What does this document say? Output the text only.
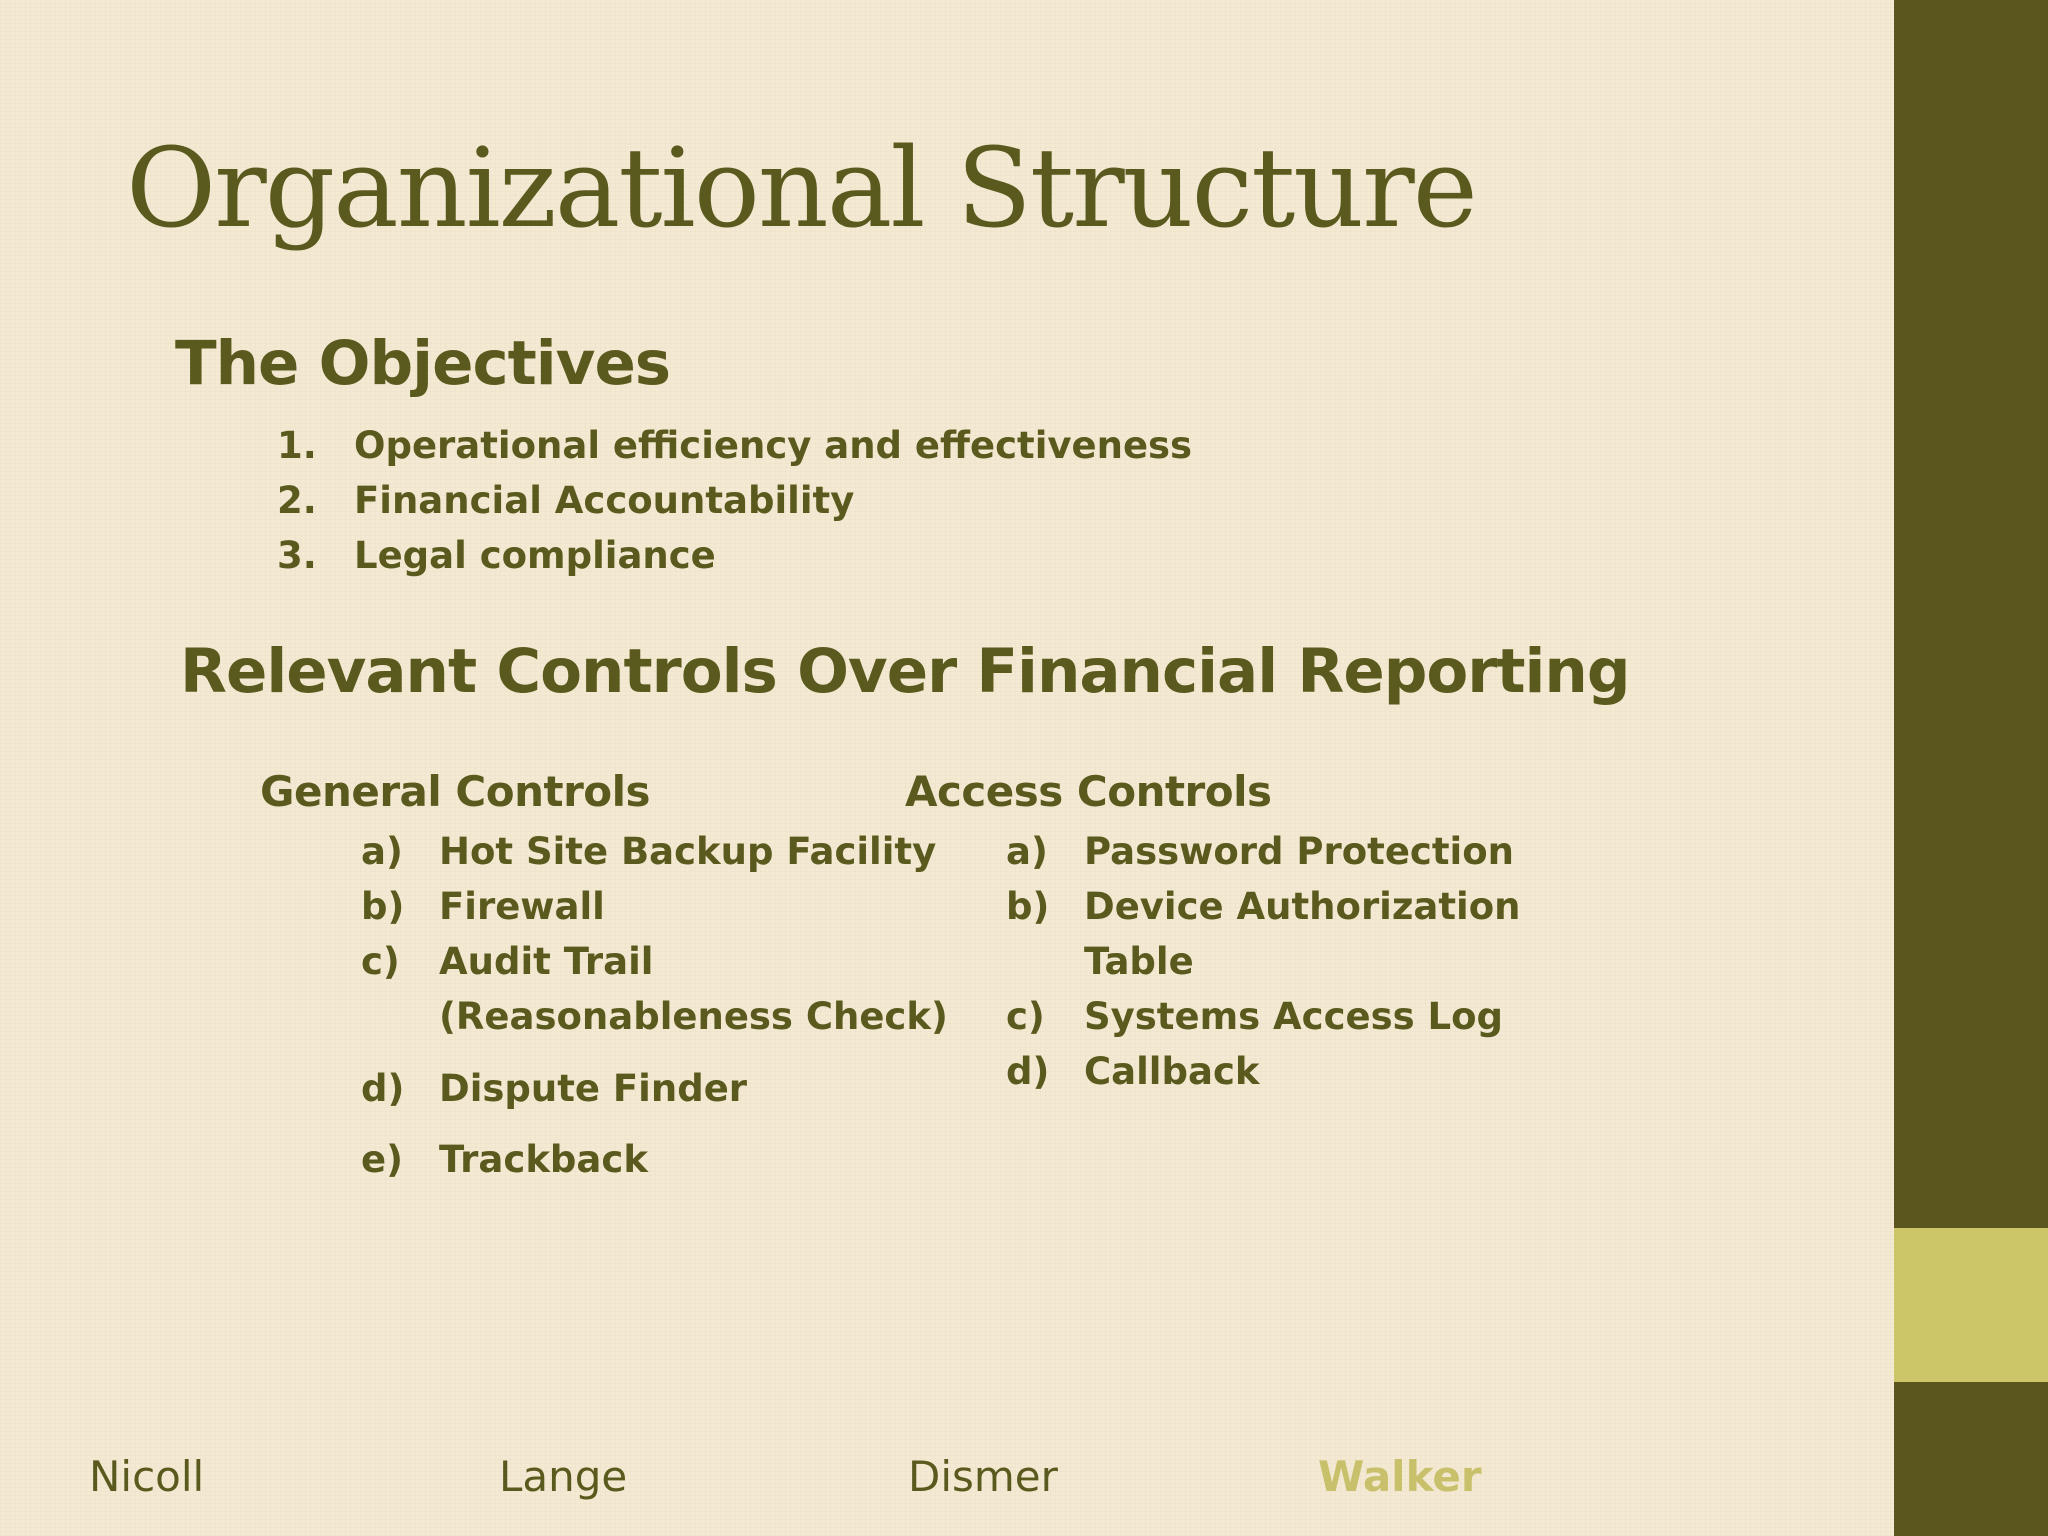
Organizational Structure
The Objectives
1. Operational efficiency and effectiveness
2. Financial Accountability
3. Legal compliance
Relevant Controls Over Financial Reporting
General Controls
a) Hot Site Backup Facility
b) Firewall
c) Audit Trail
(Reasonableness Check)
d) Dispute Finder
e) Trackback
Access Controls
a) Password Protection
b) Device Authorization
Table
c) Systems Access Log
d) Callback
Nicoll	Lange	Dismer	Walker
